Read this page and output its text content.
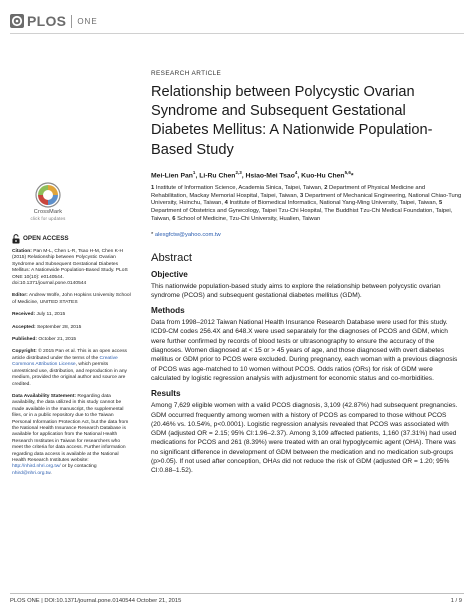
PLOS ONE
CrossMark
click for updates
OPEN ACCESS
Citation: Pan M-L, Chen L-R, Tsao H-M, Chen K-H (2015) Relationship between Polycystic Ovarian Syndrome and Subsequent Gestational Diabetes Mellitus: A Nationwide Population-Based Study. PLoS ONE 10(10): e0140544. doi:10.1371/journal.pone.0140544
Editor: Andrew Wolfe, John Hopkins University School of Medicine, UNITED STATES
Received: July 11, 2015
Accepted: September 28, 2015
Published: October 21, 2015
Copyright: © 2015 Pan et al. This is an open access article distributed under the terms of the Creative Commons Attribution License, which permits unrestricted use, distribution, and reproduction in any medium, provided the original author and source are credited.
Data Availability Statement: Regarding data availability, the data utilized in this study cannot be made available in the manuscript, the supplemental files, or in a public repository due to the Taiwan Personal Information Protection Act, but the data from the National Health Insurance Research Database is available for application from the National Health Research Institutes in Taiwan for researchers who meet the criteria for data access. Further information regarding data access is available at the National Health Research Institutes website: http://nhird.nhri.org.tw/ or by contacting nhird@nhri.org.tw.
RESEARCH ARTICLE
Relationship between Polycystic Ovarian Syndrome and Subsequent Gestational Diabetes Mellitus: A Nationwide Population-Based Study
Mei-Lien Pan$^1$, Li-Ru Chen$^{2,3}$, Hsiao-Mei Tsao$^4$, Kuo-Hu Chen$^{5,6}$*
1 Institute of Information Science, Academia Sinica, Taipei, Taiwan, 2 Department of Physical Medicine and Rehabilitation, Mackay Memorial Hospital, Taipei, Taiwan, 3 Department of Mechanical Engineering, National Chiao-Tung University, Hsinchu, Taiwan, 4 Institute of Biomedical Informatics, National Yang-Ming University, Taipei, Taiwan, 5 Department of Obstetrics and Gynecology, Taipei Tzu-Chi Hospital, The Buddhist Tzu-Chi Medical Foundation, Taipei, Taiwan, 6 School of Medicine, Tzu-Chi University, Hualien, Taiwan
* alexgfctw@yahoo.com.tw
Abstract
Objective

This nationwide population-based study aims to explore the relationship between polycystic ovarian syndrome (PCOS) and subsequent gestational diabetes mellitus (GDM).

Methods

Data from 1998–2012 Taiwan National Health Insurance Research Database were used for this study. ICD9-CM codes 256.4X and 648.X were used separately for the diagnoses of PCOS and GDM, which were further confirmed by records of blood tests or ultrasonography to ensure the accuracy of the diagnoses. Women diagnosed at < 15 or > 45 years of age, and those diagnosed with overt diabetes mellitus or GDM prior to PCOS were excluded. During pregnancy, each woman with a previous diagnosis of PCOS was age-matched to 10 women without PCOS. Odds ratios (ORs) for risk of GDM were calculated by logistic regression analysis with adjustment for economic status and co-morbidities.

Results

Among 7,629 eligible women with a valid PCOS diagnosis, 3,109 (42.87%) had subsequent pregnancies. GDM occurred frequently among women with a history of PCOS as compared to those without PCOS (20.46% vs. 10.54%, p<0.0001). Logistic regression analysis revealed that PCOS was associated with GDM (adjusted OR = 2.15; 95% CI:1.96–2.37). Among 3,109 affected patients, 1,160 (37.31%) had used medications for PCOS and 261 (8.39%) were treated with an oral hypoglycemic agent (OHA). There was no significant difference in development of GDM between the medication and no medication sub-groups (p>0.05). If not used after conception, OHAs did not reduce the risk of GDM (adjusted OR = 1.20; 95% CI:0.88–1.52).

PLOS ONE | DOI:10.1371/journal.pone.0140544 October 21, 2015	1 / 9
